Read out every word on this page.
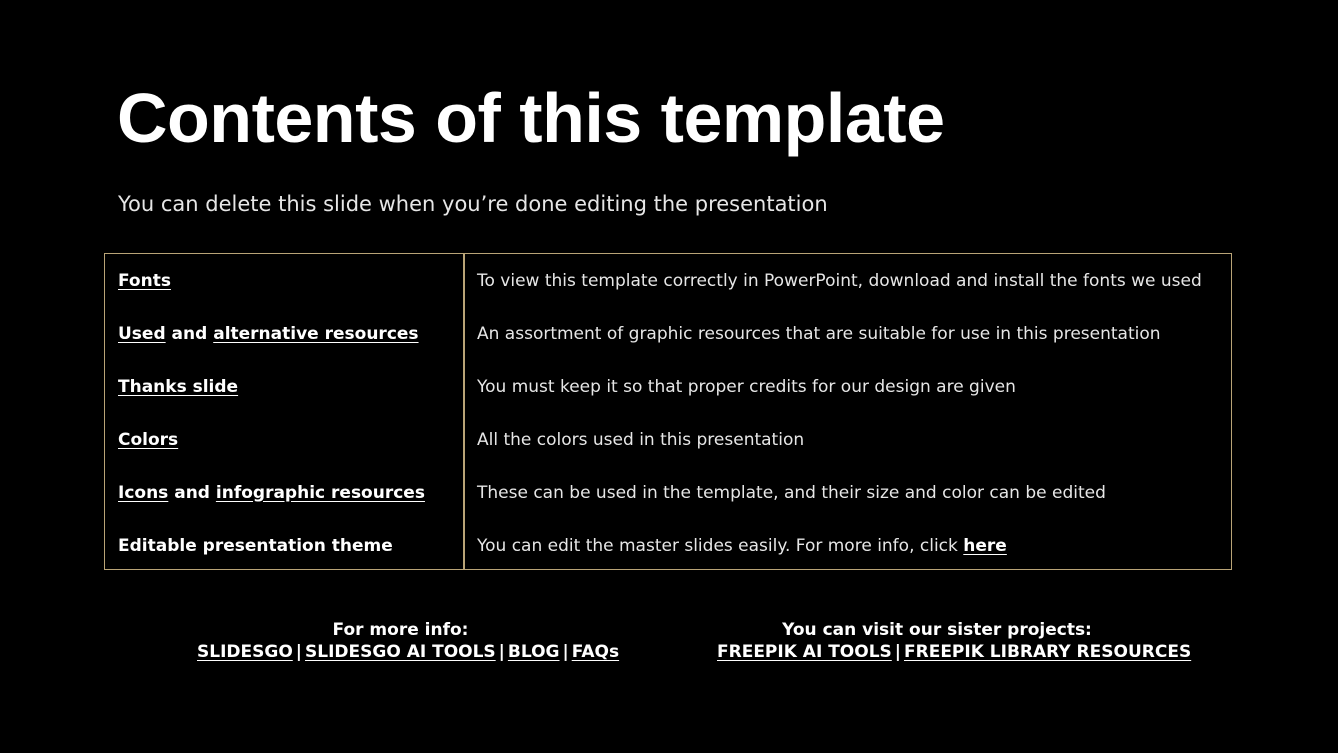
Contents of this template
You can delete this slide when you’re done editing the presentation
Fonts	To view this template correctly in PowerPoint, download and install the fonts we used
Used and alternative resources	An assortment of graphic resources that are suitable for use in this presentation
Thanks slide	You must keep it so that proper credits for our design are given
Colors	All the colors used in this presentation
Icons and infographic resources	These can be used in the template, and their size and color can be edited
Editable presentation theme	You can edit the master slides easily. For more info, click here
For more info:
SLIDESGO | SLIDESGO AI TOOLS | BLOG | FAQs
You can visit our sister projects:
FREEPIK AI TOOLS | FREEPIK LIBRARY RESOURCES
